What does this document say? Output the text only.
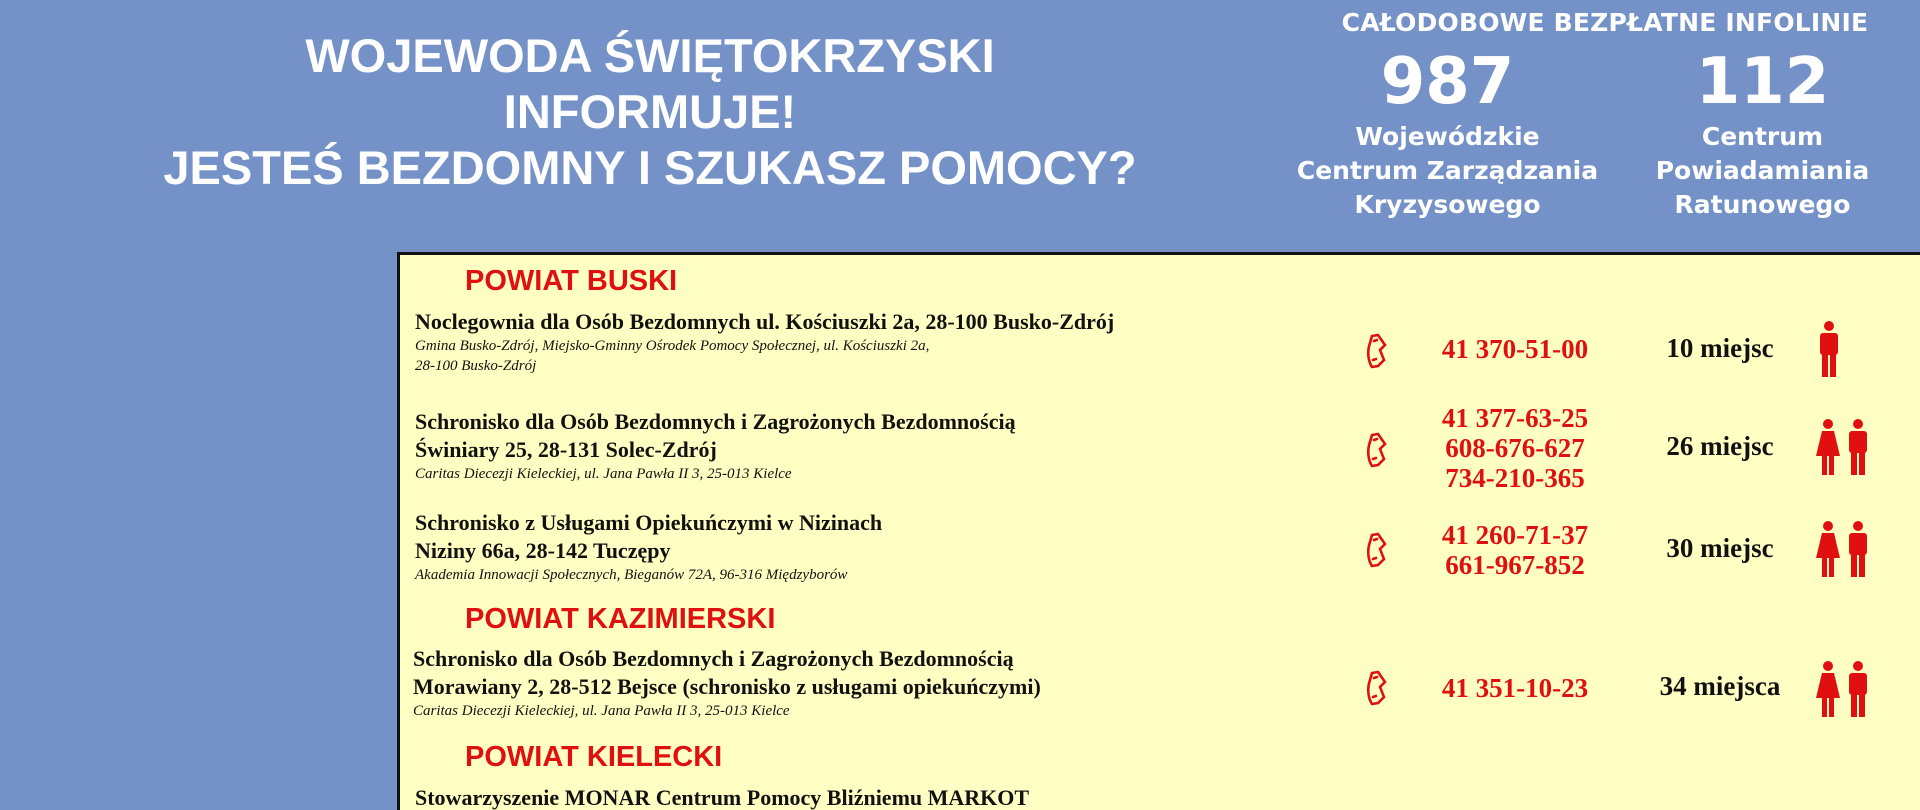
WOJEWODA ŚWIĘTOKRZYSKI
INFORMUJE!
JESTEŚ BEZDOMNY I SZUKASZ POMOCY?
CAŁODOBOWE BEZPŁATNE INFOLINIE
987
Wojewódzkie
Centrum Zarządzania
Kryzysowego
112
Centrum
Powiadamiania
Ratunowego
POWIAT BUSKI
Noclegownia dla Osób Bezdomnych ul. Kościuszki 2a, 28-100 Busko-Zdrój
Gmina Busko-Zdrój, Miejsko-Gminny Ośrodek Pomocy Społecznej, ul. Kościuszki 2a,
28-100 Busko-Zdrój
41 370-51-00	10 miejsc
Schronisko dla Osób Bezdomnych i Zagrożonych Bezdomnością
Świniary 25, 28-131 Solec-Zdrój
Caritas Diecezji Kieleckiej, ul. Jana Pawła II 3, 25-013 Kielce
41 377-63-25
608-676-627
734-210-365
26 miejsc
Schronisko z Usługami Opiekuńczymi w Nizinach
Niziny 66a, 28-142 Tuczępy
Akademia Innowacji Społecznych, Bieganów 72A, 96-316 Międzyborów
41 260-71-37
661-967-852
30 miejsc
POWIAT KAZIMIERSKI
Schronisko dla Osób Bezdomnych i Zagrożonych Bezdomnością
Morawiany 2, 28-512 Bejsce (schronisko z usługami opiekuńczymi)
Caritas Diecezji Kieleckiej, ul. Jana Pawła II 3, 25-013 Kielce
41 351-10-23	34 miejsca
POWIAT KIELECKI
Stowarzyszenie MONAR Centrum Pomocy Bliźniemu MARKOT
